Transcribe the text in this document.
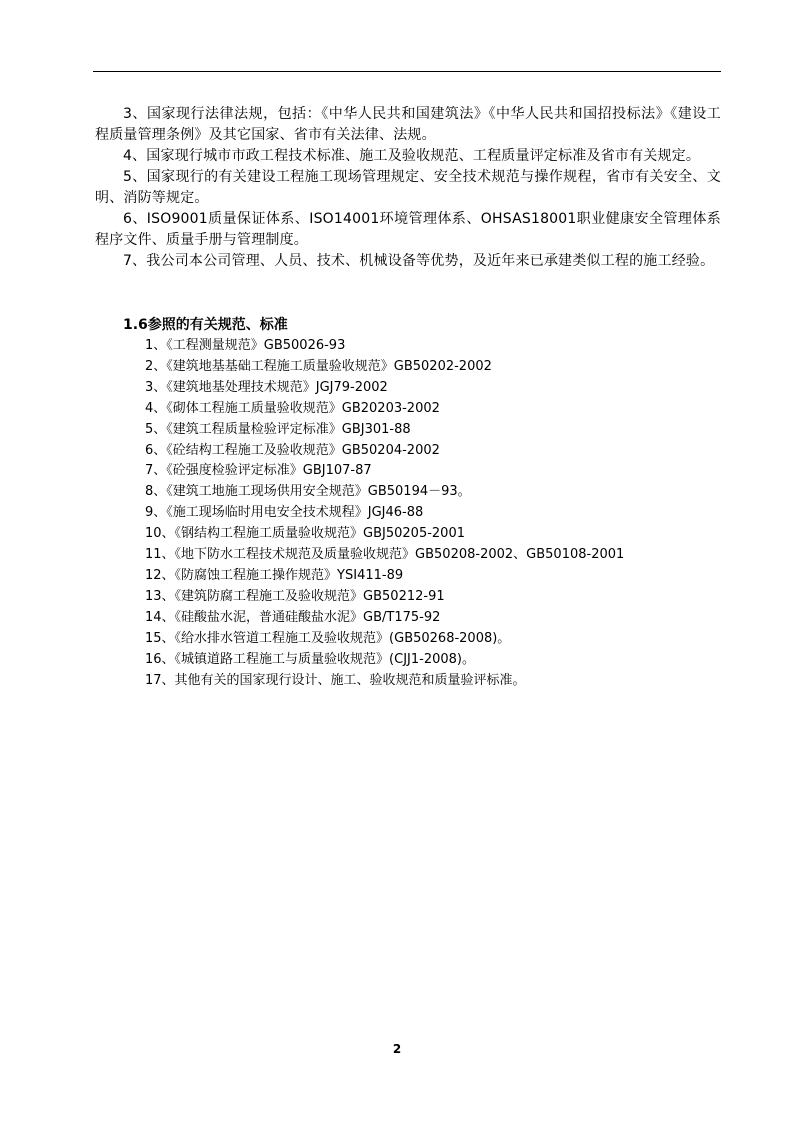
3、国家现行法律法规，包括：《中华人民共和国建筑法》《中华人民共和国招投标法》《建设工程质量管理条例》及其它国家、省市有关法律、法规。

4、国家现行城市市政工程技术标准、施工及验收规范、工程质量评定标准及省市有关规定。

5、国家现行的有关建设工程施工现场管理规定、安全技术规范与操作规程，省市有关安全、文明、消防等规定。

6、ISO9001质量保证体系、ISO14001环境管理体系、OHSAS18001职业健康安全管理体系程序文件、质量手册与管理制度。

7、我公司本公司管理、人员、技术、机械设备等优势，及近年来已承建类似工程的施工经验。

1.6参照的有关规范、标准

1、《工程测量规范》GB50026-93
2、《建筑地基基础工程施工质量验收规范》GB50202-2002
3、《建筑地基处理技术规范》JGJ79-2002
4、《砌体工程施工质量验收规范》GB20203-2002
5、《建筑工程质量检验评定标准》GBJ301-88
6、《砼结构工程施工及验收规范》GB50204-2002
7、《砼强度检验评定标准》GBJ107-87
8、《建筑工地施工现场供用安全规范》GB50194－93。
9、《施工现场临时用电安全技术规程》JGJ46-88
10、《钢结构工程施工质量验收规范》GBJ50205-2001
11、《地下防水工程技术规范及质量验收规范》GB50208-2002、GB50108-2001
12、《防腐蚀工程施工操作规范》YSI411-89
13、《建筑防腐工程施工及验收规范》GB50212-91
14、《硅酸盐水泥，普通硅酸盐水泥》GB/T175-92
15、《给水排水管道工程施工及验收规范》(GB50268-2008)。
16、《城镇道路工程施工与质量验收规范》(CJJ1-2008)。
17、其他有关的国家现行设计、施工、验收规范和质量验评标准。
2
